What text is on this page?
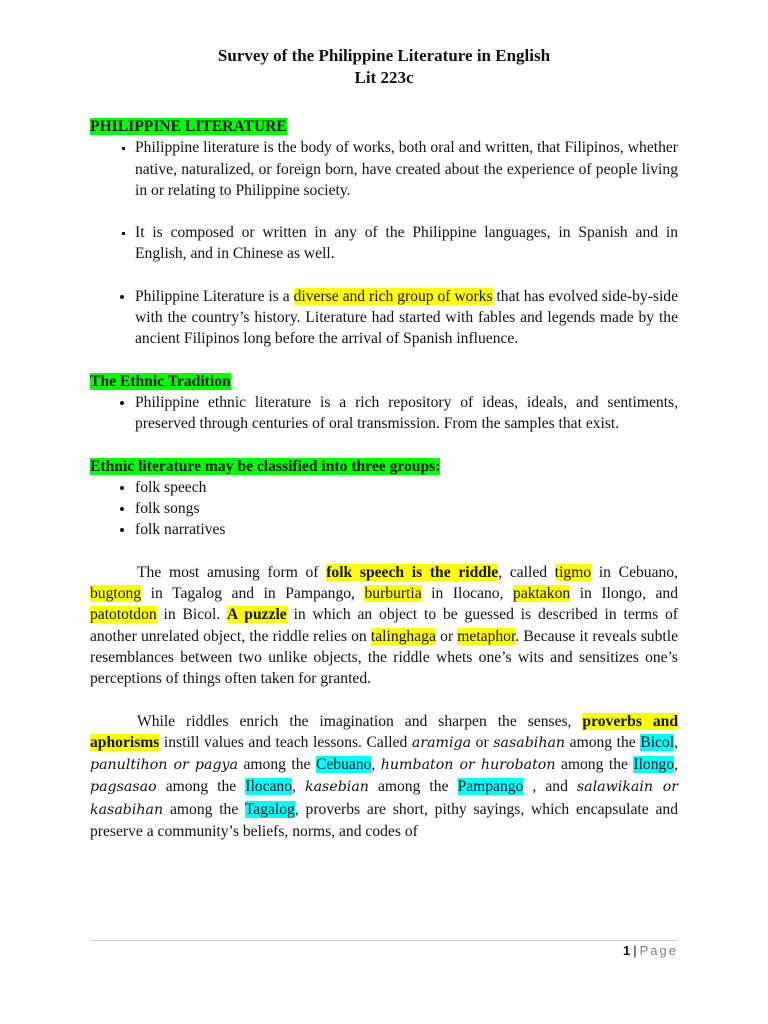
Survey of the Philippine Literature in English
Lit 223c

PHILIPPINE LITERATURE

▪ Philippine literature is the body of works, both oral and written, that Filipinos, whether native, naturalized, or foreign born, have created about the experience of people living in or relating to Philippine society.
▪ It is composed or written in any of the Philippine languages, in Spanish and in English, and in Chinese as well.
• Philippine Literature is a diverse and rich group of works that has evolved side-by-side with the country’s history. Literature had started with fables and legends made by the ancient Filipinos long before the arrival of Spanish influence.

The Ethnic Tradition

• Philippine ethnic literature is a rich repository of ideas, ideals, and sentiments, preserved through centuries of oral transmission. From the samples that exist.

Ethnic literature may be classified into three groups:

• folk speech
• folk songs
• folk narratives

The most amusing form of folk speech is the riddle, called tigmo in Cebuano, bugtong in Tagalog and in Pampango, burburtia in Ilocano, paktakon in Ilongo, and patototdon in Bicol. A puzzle in which an object to be guessed is described in terms of another unrelated object, the riddle relies on talinghaga or metaphor. Because it reveals subtle resemblances between two unlike objects, the riddle whets one’s wits and sensitizes one’s perceptions of things often taken for granted.

While riddles enrich the imagination and sharpen the senses, proverbs and aphorisms instill values and teach lessons. Called aramiga or sasabihan among the Bicol, panultihon or pagya among the Cebuano, humbaton or hurobaton among the Ilongo, pagsasao among the Ilocano, kasebian among the Pampango , and salawikain or kasabihan among the Tagalog, proverbs are short, pithy sayings, which encapsulate and preserve a community’s beliefs, norms, and codes of

1 | Page
